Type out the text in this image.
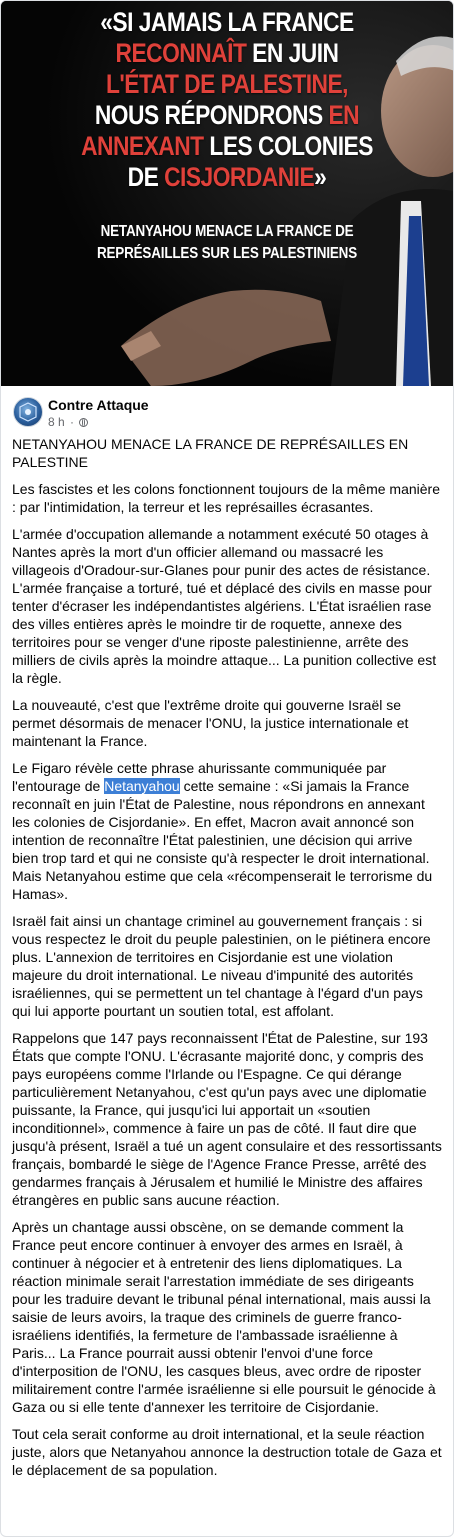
«SI JAMAIS LA FRANCE
RECONNAÎT EN JUIN
L'ÉTAT DE PALESTINE,
NOUS RÉPONDRONS EN
ANNEXANT LES COLONIES
DE CISJORDANIE»
NETANYAHOU MENACE LA FRANCE DE
REPRÉSAILLES SUR LES PALESTINIENS
Contre Attaque
8 h ·

NETANYAHOU MENACE LA FRANCE DE REPRÉSAILLES EN PALESTINE

Les fascistes et les colons fonctionnent toujours de la même manière : par l'intimidation, la terreur et les représailles écrasantes.

L'armée d'occupation allemande a notamment exécuté 50 otages à Nantes après la mort d'un officier allemand ou massacré les villageois d'Oradour-sur-Glanes pour punir des actes de résistance. L'armée française a torturé, tué et déplacé des civils en masse pour tenter d'écraser les indépendantistes algériens. L'État israélien rase des villes entières après le moindre tir de roquette, annexe des territoires pour se venger d'une riposte palestinienne, arrête des milliers de civils après la moindre attaque... La punition collective est la règle.

La nouveauté, c'est que l'extrême droite qui gouverne Israël se permet désormais de menacer l'ONU, la justice internationale et maintenant la France.

Le Figaro révèle cette phrase ahurissante communiquée par l'entourage de Netanyahou cette semaine : «Si jamais la France reconnaît en juin l'État de Palestine, nous répondrons en annexant les colonies de Cisjordanie». En effet, Macron avait annoncé son intention de reconnaître l'État palestinien, une décision qui arrive bien trop tard et qui ne consiste qu'à respecter le droit international. Mais Netanyahou estime que cela «récompenserait le terrorisme du Hamas».

Israël fait ainsi un chantage criminel au gouvernement français : si vous respectez le droit du peuple palestinien, on le piétinera encore plus. L'annexion de territoires en Cisjordanie est une violation majeure du droit international. Le niveau d'impunité des autorités israéliennes, qui se permettent un tel chantage à l'égard d'un pays qui lui apporte pourtant un soutien total, est affolant.

Rappelons que 147 pays reconnaissent l'État de Palestine, sur 193 États que compte l'ONU. L'écrasante majorité donc, y compris des pays européens comme l'Irlande ou l'Espagne. Ce qui dérange particulièrement Netanyahou, c'est qu'un pays avec une diplomatie puissante, la France, qui jusqu'ici lui apportait un «soutien inconditionnel», commence à faire un pas de côté. Il faut dire que jusqu'à présent, Israël a tué un agent consulaire et des ressortissants français, bombardé le siège de l'Agence France Presse, arrêté des gendarmes français à Jérusalem et humilié le Ministre des affaires étrangères en public sans aucune réaction.

Après un chantage aussi obscène, on se demande comment la France peut encore continuer à envoyer des armes en Israël, à continuer à négocier et à entretenir des liens diplomatiques. La réaction minimale serait l'arrestation immédiate de ses dirigeants pour les traduire devant le tribunal pénal international, mais aussi la saisie de leurs avoirs, la traque des criminels de guerre franco-israéliens identifiés, la fermeture de l'ambassade israélienne à Paris... La France pourrait aussi obtenir l'envoi d'une force d'interposition de l'ONU, les casques bleus, avec ordre de riposter militairement contre l'armée israélienne si elle poursuit le génocide à Gaza ou si elle tente d'annexer les territoire de Cisjordanie.

Tout cela serait conforme au droit international, et la seule réaction juste, alors que Netanyahou annonce la destruction totale de Gaza et le déplacement de sa population.
